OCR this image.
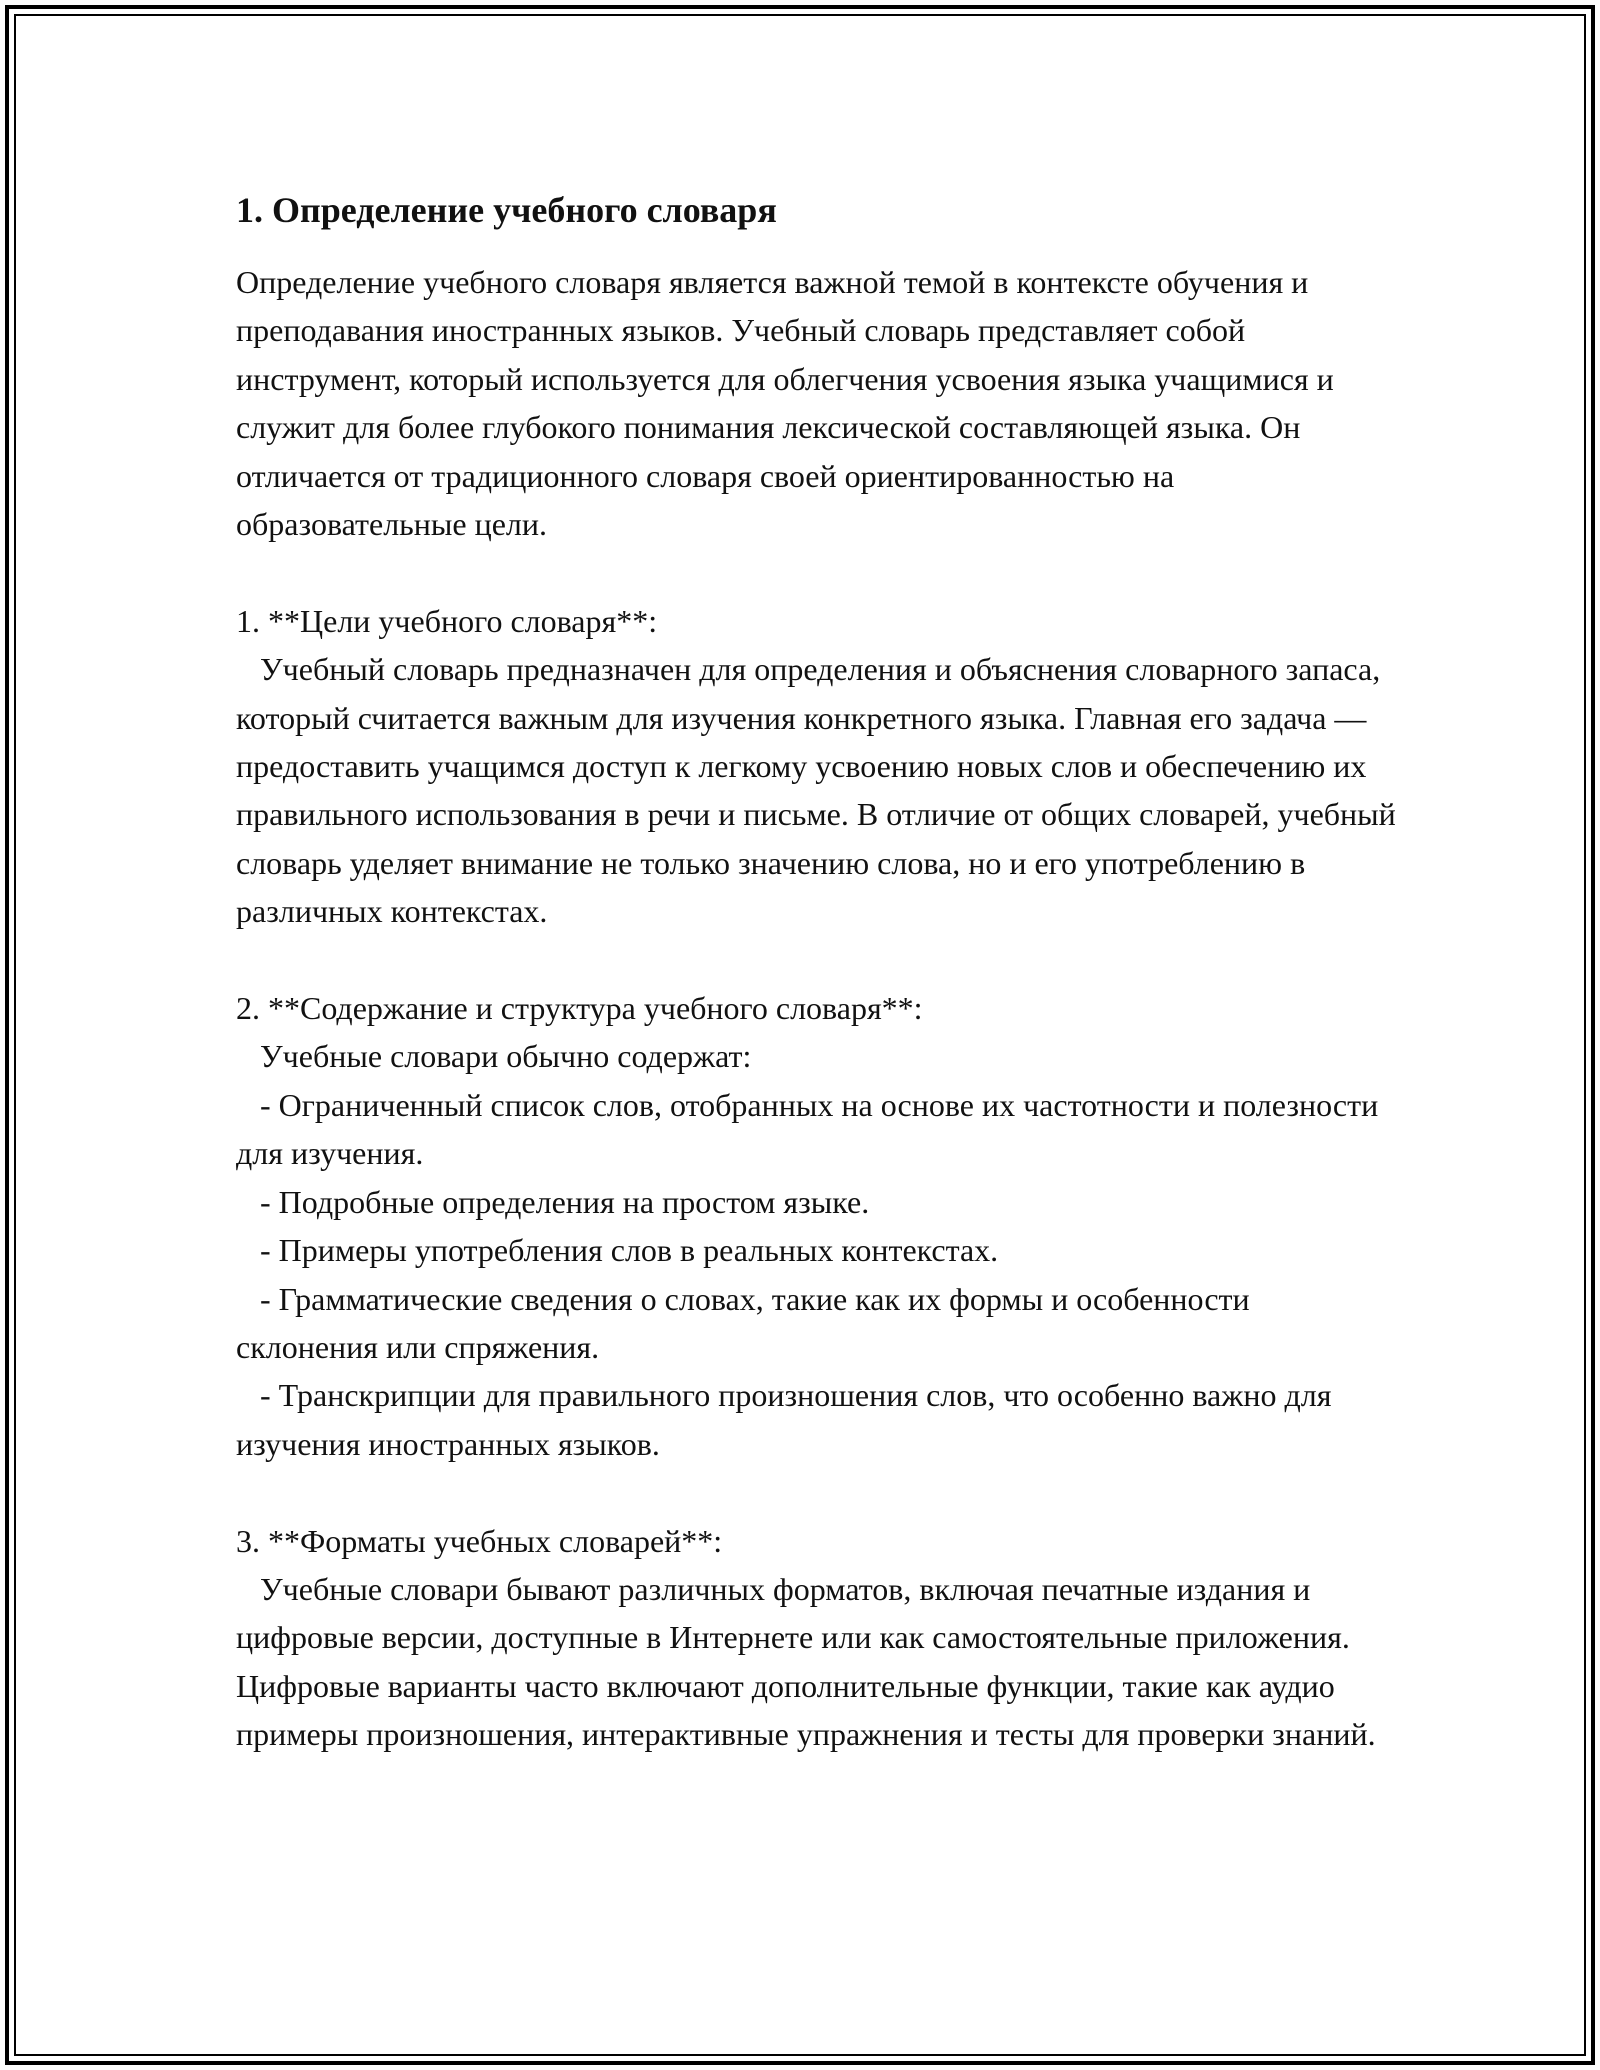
1. Определение учебного словаря

Определение учебного словаря является важной темой в контексте обучения и преподавания иностранных языков. Учебный словарь представляет собой инструмент, который используется для облегчения усвоения языка учащимися и служит для более глубокого понимания лексической составляющей языка. Он отличается от традиционного словаря своей ориентированностью на образовательные цели.

1. **Цели учебного словаря**:

Учебный словарь предназначен для определения и объяснения словарного запаса, который считается важным для изучения конкретного языка. Главная его задача — предоставить учащимся доступ к легкому усвоению новых слов и обеспечению их правильного использования в речи и письме. В отличие от общих словарей, учебный словарь уделяет внимание не только значению слова, но и его употреблению в различных контекстах.

2. **Содержание и структура учебного словаря**:

Учебные словари обычно содержат:

- Ограниченный список слов, отобранных на основе их частотности и полезности для изучения.

- Подробные определения на простом языке.

- Примеры употребления слов в реальных контекстах.

- Грамматические сведения о словах, такие как их формы и особенности склонения или спряжения.

- Транскрипции для правильного произношения слов, что особенно важно для изучения иностранных языков.

3. **Форматы учебных словарей**:

Учебные словари бывают различных форматов, включая печатные издания и цифровые версии, доступные в Интернете или как самостоятельные приложения. Цифровые варианты часто включают дополнительные функции, такие как аудио примеры произношения, интерактивные упражнения и тесты для проверки знаний.
